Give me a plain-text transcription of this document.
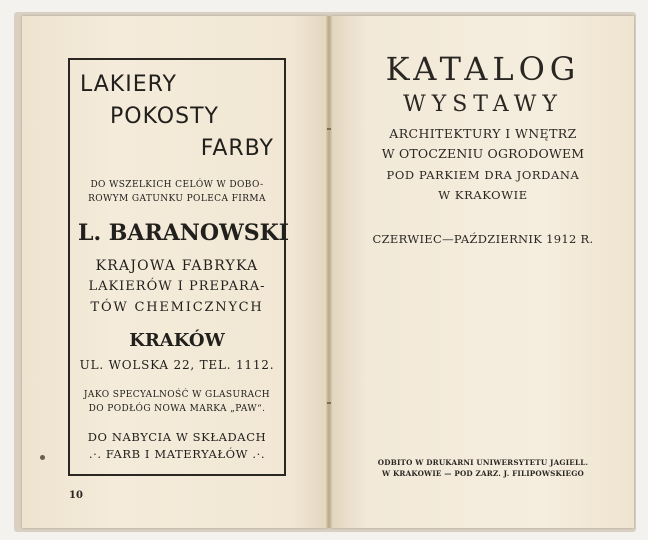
LAKIERY
POKOSTY
FARBY
DO WSZELKICH CELÓW W DOBO-
ROWYM GATUNKU POLECA FIRMA
L. BARANOWSKI
KRAJOWA FABRYKA
LAKIERÓW I PREPARA-
TÓW CHEMICZNYCH
KRAKÓW
UL. WOLSKA 22, TEL. 1112.
JAKO SPECYALNOŚĆ W GLASURACH
DO PODŁÓG NOWA MARKA „PAW“.
DO NABYCIA W SKŁADACH
.·. FARB I MATERYAŁÓW .·.
10
KATALOG
WYSTAWY
ARCHITEKTURY I WNĘTRZ
W OTOCZENIU OGRODOWEM
POD PARKIEM DRA JORDANA
W KRAKOWIE
CZERWIEC—PAŹDZIERNIK 1912 R.
ODBITO W DRUKARNI UNIWERSYTETU JAGIELL.
W KRAKOWIE — POD ZARZ. J. FILIPOWSKIEGO
